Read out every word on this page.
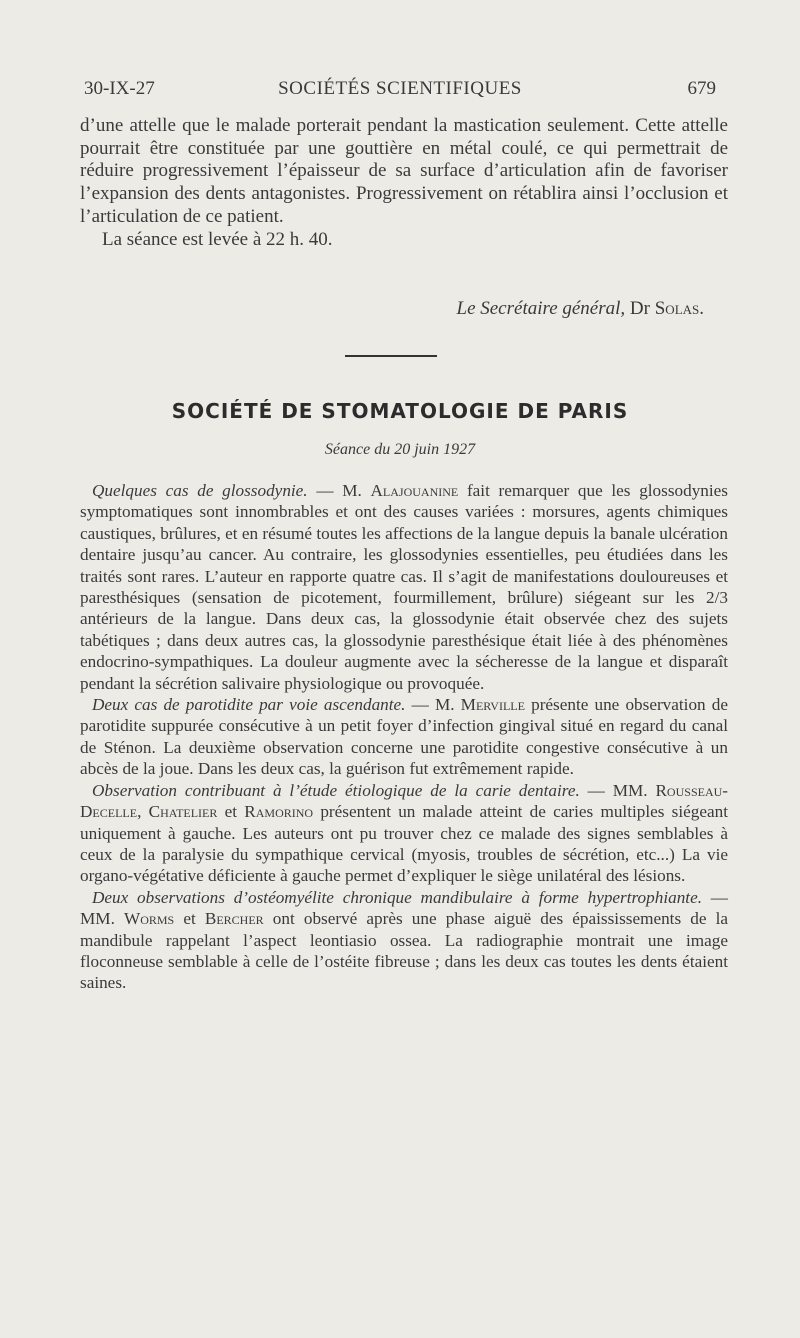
30-IX-27	SOCIÉTÉS SCIENTIFIQUES	679

d’une attelle que le malade porterait pendant la mastication seulement. Cette attelle pourrait être constituée par une gouttière en métal coulé, ce qui permettrait de réduire progressivement l’épaisseur de sa surface d’articulation afin de favoriser l’expansion des dents antagonistes. Progressivement on rétablira ainsi l’occlusion et l’articulation de ce patient.

La séance est levée à 22 h. 40.

Le Secrétaire général, Dr Solas.
SOCIÉTÉ DE STOMATOLOGIE DE PARIS
Séance du 20 juin 1927

Quelques cas de glossodynie. — M. Alajouanine fait remarquer que les glossodynies symptomatiques sont innombrables et ont des causes variées : morsures, agents chimiques caustiques, brûlures, et en résumé toutes les affections de la langue depuis la banale ulcération dentaire jusqu’au cancer. Au contraire, les glossodynies essentielles, peu étudiées dans les traités sont rares. L’auteur en rapporte quatre cas. Il s’agit de manifestations douloureuses et paresthésiques (sensation de picotement, fourmillement, brûlure) siégeant sur les 2/3 antérieurs de la langue. Dans deux cas, la glossodynie était observée chez des sujets tabétiques ; dans deux autres cas, la glossodynie paresthésique était liée à des phénomènes endocrino-sympathiques. La douleur augmente avec la sécheresse de la langue et disparaît pendant la sécrétion salivaire physiologique ou provoquée.

Deux cas de parotidite par voie ascendante. — M. Merville présente une observation de parotidite suppurée consécutive à un petit foyer d’infection gingival situé en regard du canal de Sténon. La deuxième observation concerne une parotidite congestive consécutive à un abcès de la joue. Dans les deux cas, la guérison fut extrêmement rapide.

Observation contribuant à l’étude étiologique de la carie dentaire. — MM. Rousseau-Decelle, Chatelier et Ramorino présentent un malade atteint de caries multiples siégeant uniquement à gauche. Les auteurs ont pu trouver chez ce malade des signes semblables à ceux de la paralysie du sympathique cervical (myosis, troubles de sécrétion, etc...) La vie organo-végétative déficiente à gauche permet d’expliquer le siège unilatéral des lésions.

Deux observations d’ostéomyélite chronique mandibulaire à forme hypertrophiante. — MM. Worms et Bercher ont observé après une phase aiguë des épaississements de la mandibule rappelant l’aspect leontiasio ossea. La radiographie montrait une image floconneuse semblable à celle de l’ostéite fibreuse ; dans les deux cas toutes les dents étaient saines.
